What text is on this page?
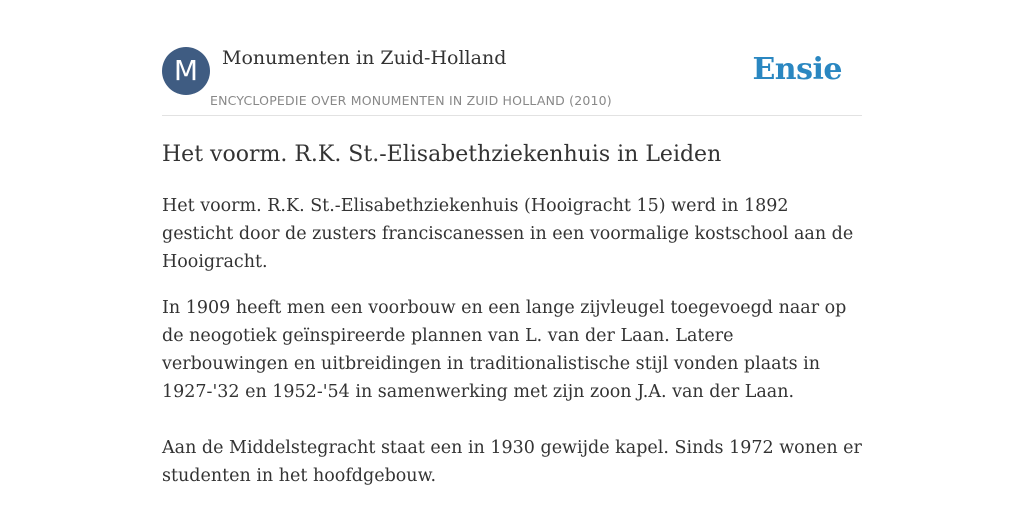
M	Monumenten in Zuid-Holland
ENCYCLOPEDIE OVER MONUMENTEN IN ZUID HOLLAND (2010)
Ensie
Het voorm. R.K. St.-Elisabethziekenhuis in Leiden

Het voorm. R.K. St.-Elisabethziekenhuis (Hooigracht 15) werd in 1892 gesticht door de zusters franciscanessen in een voormalige kostschool aan de Hooigracht.

In 1909 heeft men een voorbouw en een lange zijvleugel toegevoegd naar op de neogotiek geïnspireerde plannen van L. van der Laan. Latere verbouwingen en uitbreidingen in traditionalistische stijl vonden plaats in 1927-'32 en 1952-'54 in samenwerking met zijn zoon J.A. van der Laan.

Aan de Middelstegracht staat een in 1930 gewijde kapel. Sinds 1972 wonen er studenten in het hoofdgebouw.
